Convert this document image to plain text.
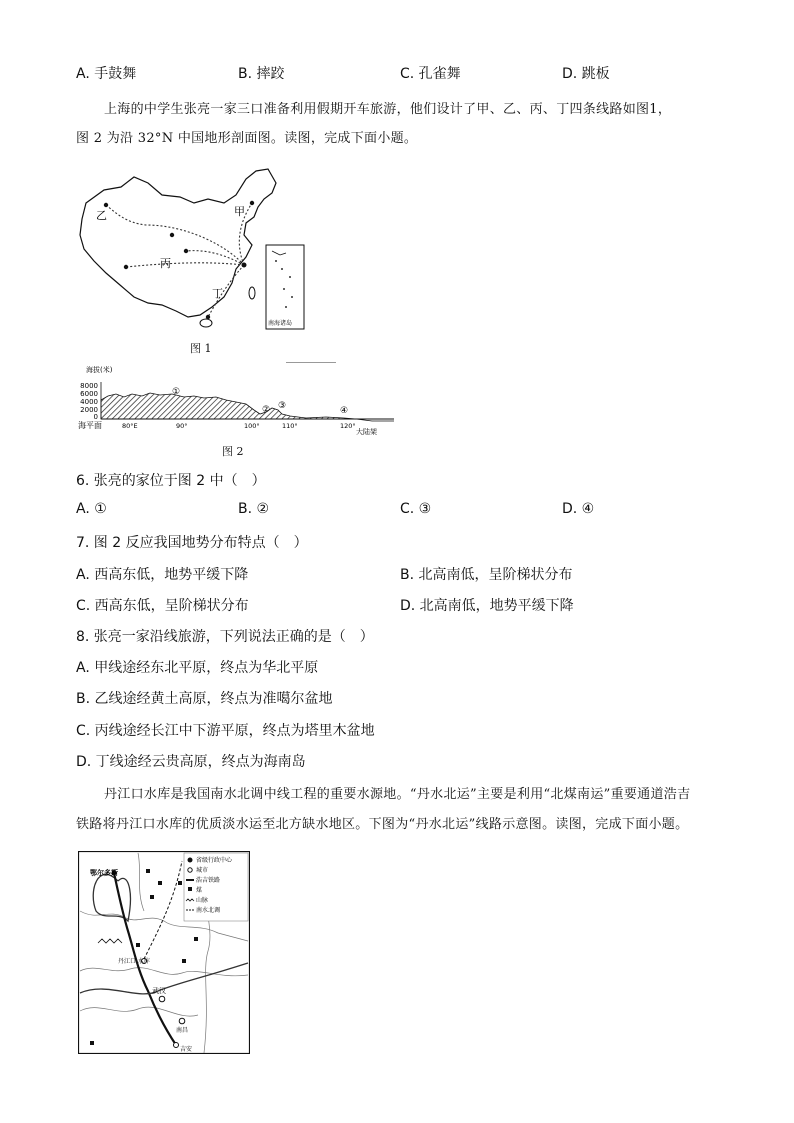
A. 手鼓舞	B. 摔跤	C. 孔雀舞	D. 跳板
上海的中学生张亮一家三口准备利用假期开车旅游，他们设计了甲、乙、丙、丁四条线路如图1，
图 2 为沿 32°N 中国地形剖面图。读图，完成下面小题。
甲
乙
丙
丁
南海诸岛
图 1
海拔(米)
8000
6000
4000
2000
0
①
② ③	④
80°E	90°	100°	110°	120°
海平面
大陆架
图 2
6. 张亮的家位于图 2 中（　）
A. ①	B. ②	C. ③	D. ④
7. 图 2 反应我国地势分布特点（　）
A. 西高东低，地势平缓下降	B. 北高南低，呈阶梯状分布
C. 西高东低，呈阶梯状分布	D. 北高南低，地势平缓下降
8. 张亮一家沿线旅游，下列说法正确的是（　）
A. 甲线途经东北平原，终点为华北平原
B. 乙线途经黄土高原，终点为准噶尔盆地
C. 丙线途经长江中下游平原，终点为塔里木盆地
D. 丁线途经云贵高原，终点为海南岛
丹江口水库是我国南水北调中线工程的重要水源地。“丹水北运”主要是利用“北煤南运”重要通道浩吉
铁路将丹江口水库的优质淡水运至北方缺水地区。下图为“丹水北运”线路示意图。读图，完成下面小题。
鄂尔多斯
丹江口 水库
武汉
南昌
吉安
省级行政中心
城市
浩吉铁路
煤
山脉
南水北调
